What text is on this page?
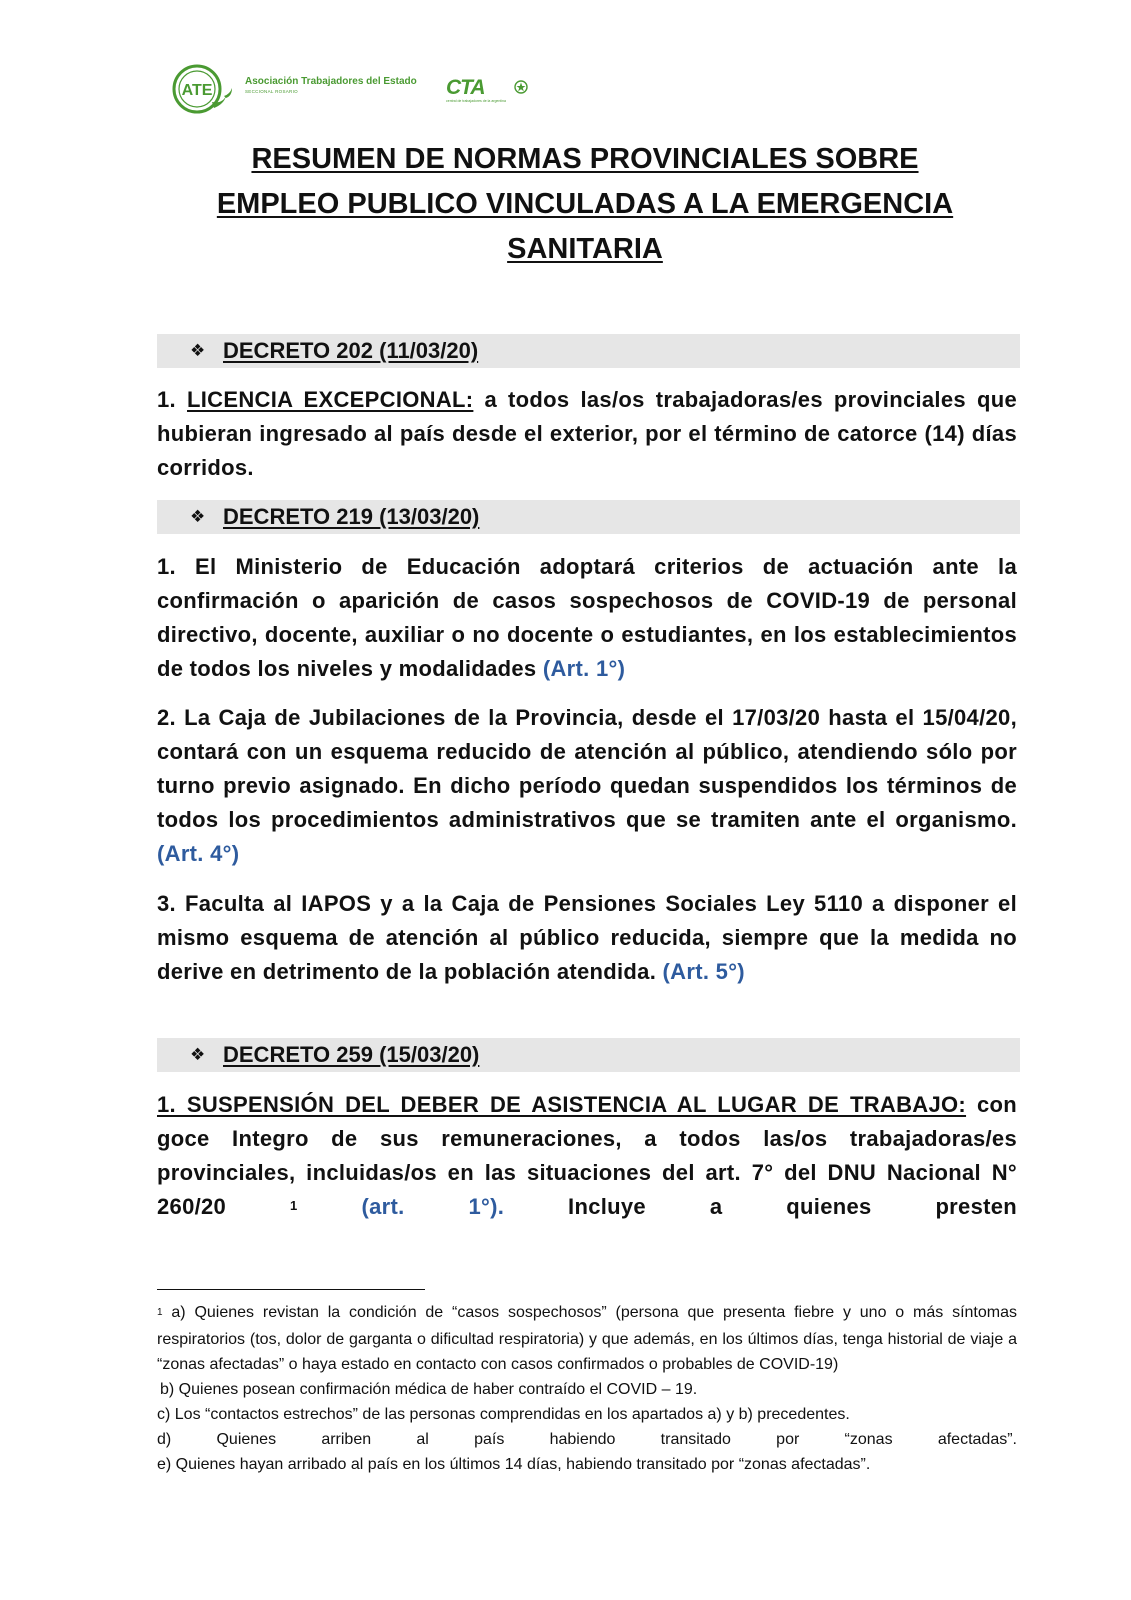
ATE
Asociación Trabajadores del Estado
SECCIONAL ROSARIO	CTA
central de trabajadores de la argentina
RESUMEN DE NORMAS PROVINCIALES SOBRE
EMPLEO PUBLICO VINCULADAS A LA EMERGENCIA
SANITARIA
❖ DECRETO 202 (11/03/20)
1. LICENCIA EXCEPCIONAL: a todos las/os trabajadoras/es provinciales que hubieran ingresado al país desde el exterior, por el término de catorce (14) días corridos.
❖ DECRETO 219 (13/03/20)
1. El Ministerio de Educación adoptará criterios de actuación ante la confirmación o aparición de casos sospechosos de COVID-19 de personal directivo, docente, auxiliar o no docente o estudiantes, en los establecimientos de todos los niveles y modalidades (Art. 1°)
2. La Caja de Jubilaciones de la Provincia, desde el 17/03/20 hasta el 15/04/20, contará con un esquema reducido de atención al público, atendiendo sólo por turno previo asignado. En dicho período quedan suspendidos los términos de todos los procedimientos administrativos que se tramiten ante el organismo. (Art. 4°)
3. Faculta al IAPOS y a la Caja de Pensiones Sociales Ley 5110 a disponer el mismo esquema de atención al público reducida, siempre que la medida no derive en detrimento de la población atendida. (Art. 5°)
❖ DECRETO 259 (15/03/20)
1. SUSPENSIÓN DEL DEBER DE ASISTENCIA AL LUGAR DE TRABAJO: con goce Integro de sus remuneraciones, a todos las/os trabajadoras/es provinciales, incluidas/os en las situaciones del art. 7° del DNU Nacional N° 260/20	$^1$	(art. 1°).	Incluye a quienes presten
$^1$ a) Quienes revistan la condición de “casos sospechosos” (persona que presenta fiebre y uno o más síntomas respiratorios (tos, dolor de garganta o dificultad respiratoria) y que además, en los últimos días, tenga historial de viaje a “zonas afectadas” o haya estado en contacto con casos confirmados o probables de COVID-19)
b) Quienes posean confirmación médica de haber contraído el COVID – 19.
c) Los “contactos estrechos” de las personas comprendidas en los apartados a) y b) precedentes.
d) Quienes arriben al país habiendo transitado por “zonas afectadas”.
e) Quienes hayan arribado al país en los últimos 14 días, habiendo transitado por “zonas afectadas”.
